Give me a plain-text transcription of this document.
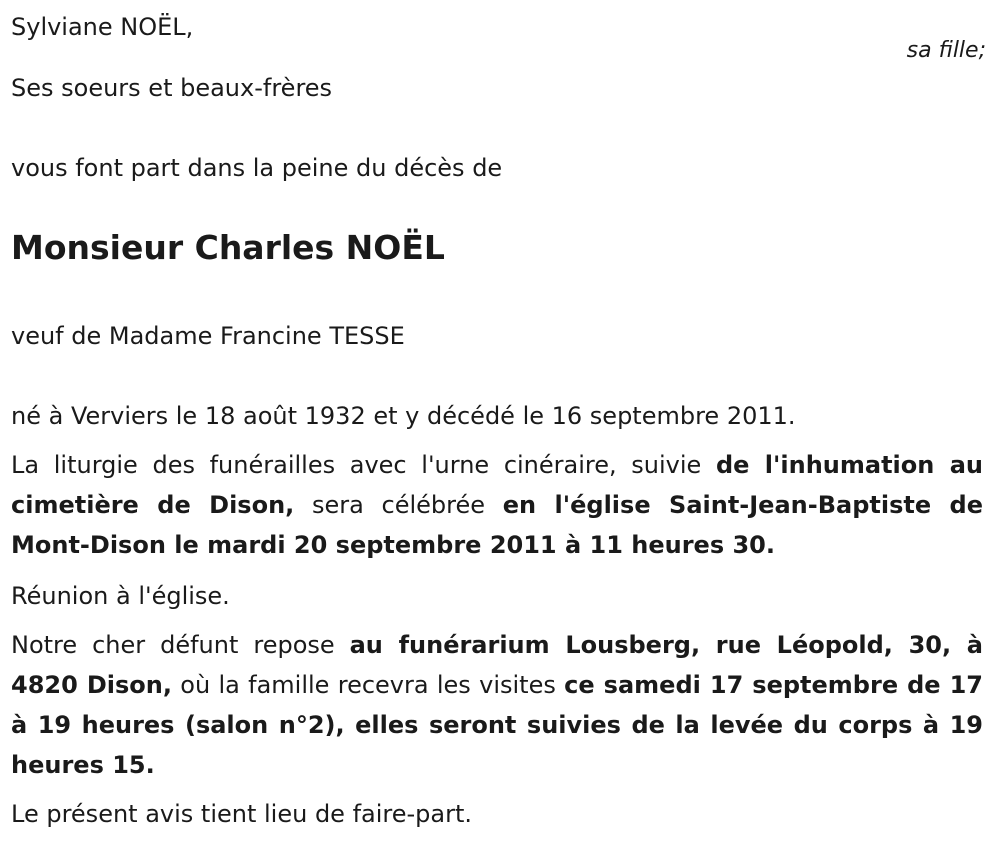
Sylviane NOËL,

sa fille;

Ses soeurs et beaux-frères

vous font part dans la peine du décès de

Monsieur Charles NOËL

veuf de Madame Francine TESSE

né à Verviers le 18 août 1932 et y décédé le 16 septembre 2011.

La liturgie des funérailles avec l'urne cinéraire, suivie de l'inhumation au cimetière de Dison, sera célébrée en l'église Saint-Jean-Baptiste de Mont-Dison le mardi 20 septembre 2011 à 11 heures 30.

Réunion à l'église.

Notre cher défunt repose au funérarium Lousberg, rue Léopold, 30, à 4820 Dison, où la famille recevra les visites ce samedi 17 septembre de 17 à 19 heures (salon n°2), elles seront suivies de la levée du corps à 19 heures 15.

Le présent avis tient lieu de faire-part.
